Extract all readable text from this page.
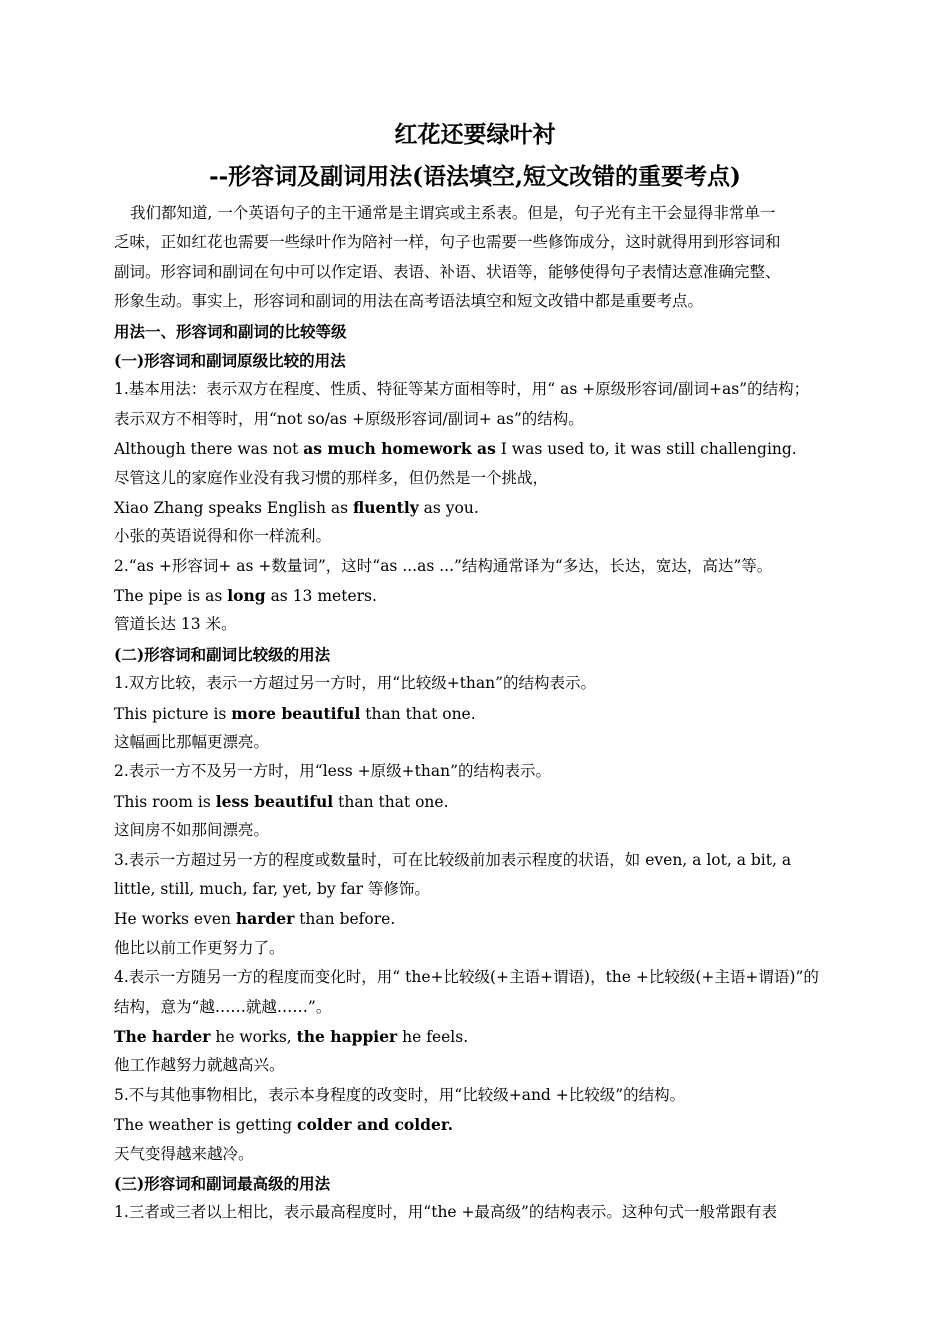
红花还要绿叶衬
--形容词及副词用法(语法填空,短文改错的重要考点)
我们都知道, 一个英语句子的主干通常是主谓宾或主系表。但是，句子光有主干会显得非常单一
乏味，正如红花也需要一些绿叶作为陪衬一样，句子也需要一些修饰成分，这时就得用到形容词和
副词。形容词和副词在句中可以作定语、表语、补语、状语等，能够使得句子表情达意准确完整、
形象生动。事实上，形容词和副词的用法在高考语法填空和短文改错中都是重要考点。
用法一、形容词和副词的比较等级
(一)形容词和副词原级比较的用法
1.基本用法：表示双方在程度、性质、特征等某方面相等时，用“ as +原级形容词/副词+as”的结构；
表示双方不相等时，用“not so/as +原级形容词/副词+ as”的结构。
Although there was not as much homework as I was used to, it was still challenging.
尽管这儿的家庭作业没有我习惯的那样多，但仍然是一个挑战，
Xiao Zhang speaks English as fluently as you.
小张的英语说得和你一样流利。
2.“as +形容词+ as +数量词”，这时“as ...as ...”结构通常译为“多达，长达，宽达，高达”等。
The pipe is as long as 13 meters.
管道长达 13 米。
(二)形容词和副词比较级的用法
1.双方比较，表示一方超过另一方时，用“比较级+than”的结构表示。
This picture is more beautiful than that one.
这幅画比那幅更漂亮。
2.表示一方不及另一方时，用“less +原级+than”的结构表示。
This room is less beautiful than that one.
这间房不如那间漂亮。
3.表示一方超过另一方的程度或数量时，可在比较级前加表示程度的状语，如 even, a lot, a bit, a
little, still, much, far, yet, by far 等修饰。
He works even harder than before.
他比以前工作更努力了。
4.表示一方随另一方的程度而变化时，用“ the+比较级(+主语+谓语)，the +比较级(+主语+谓语)”的
结构，意为“越……就越……”。
The harder he works, the happier he feels.
他工作越努力就越高兴。
5.不与其他事物相比，表示本身程度的改变时，用“比较级+and +比较级”的结构。
The weather is getting colder and colder.
天气变得越来越冷。
(三)形容词和副词最高级的用法
1.三者或三者以上相比，表示最高程度时，用“the +最高级”的结构表示。这种句式一般常跟有表
